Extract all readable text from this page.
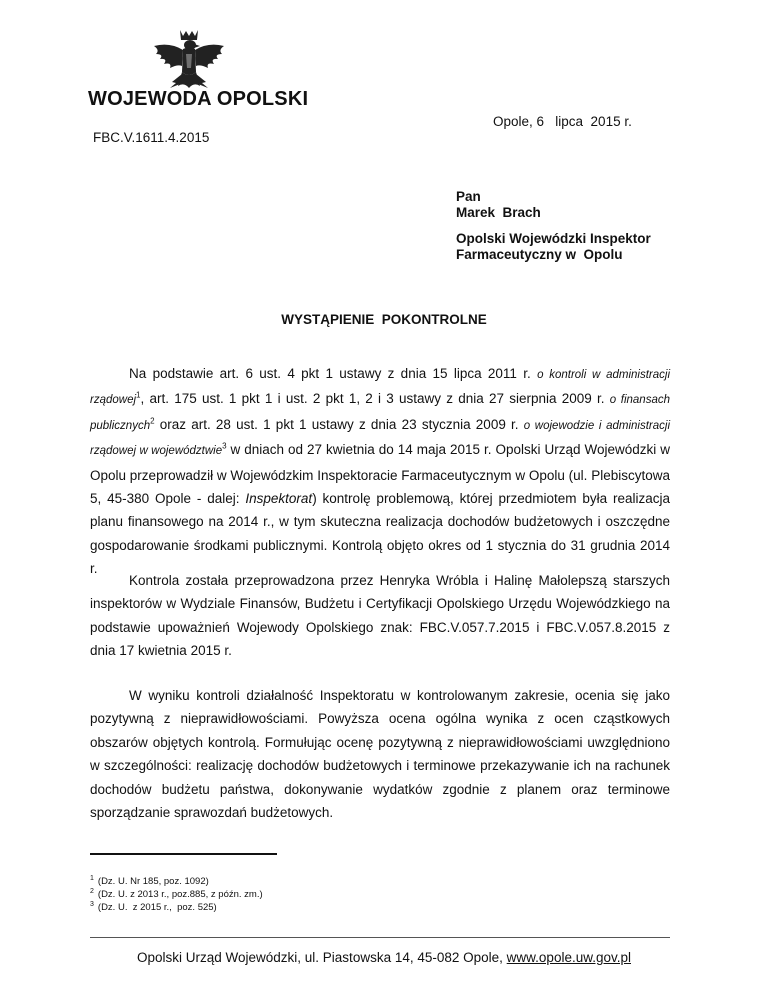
WOJEWODA OPOLSKI
Opole, 6   lipca  2015 r.
FBC.V.1611.4.2015
Pan
Marek  Brach
Opolski Wojewódzki Inspektor
Farmaceutyczny w  Opolu
WYSTĄPIENIE  POKONTROLNE

Na podstawie art. 6 ust. 4 pkt 1 ustawy z dnia 15 lipca 2011 r. o kontroli w administracji rządowej$^1$, art. 175 ust. 1 pkt 1 i ust. 2 pkt 1, 2 i 3 ustawy z dnia 27 sierpnia 2009 r. o finansach publicznych$^2$ oraz art. 28 ust. 1 pkt 1 ustawy z dnia 23 stycznia 2009 r. o wojewodzie i administracji rządowej w województwie$^3$ w dniach od 27 kwietnia do 14 maja 2015 r. Opolski Urząd Wojewódzki w Opolu przeprowadził w Wojewódzkim Inspektoracie Farmaceutycznym w Opolu (ul. Plebiscytowa 5, 45-380 Opole - dalej: Inspektorat) kontrolę problemową, której przedmiotem była realizacja planu finansowego na 2014 r., w tym skuteczna realizacja dochodów budżetowych i oszczędne gospodarowanie środkami publicznymi. Kontrolą objęto okres od 1 stycznia do 31 grudnia 2014 r.

Kontrola została przeprowadzona przez Henryka Wróbla i Halinę Małolepszą starszych inspektorów w Wydziale Finansów, Budżetu i Certyfikacji Opolskiego Urzędu Wojewódzkiego na podstawie upoważnień Wojewody Opolskiego znak: FBC.V.057.7.2015 i FBC.V.057.8.2015 z dnia 17 kwietnia 2015 r.

W wyniku kontroli działalność Inspektoratu w kontrolowanym zakresie, ocenia się jako pozytywną z nieprawidłowościami. Powyższa ocena ogólna wynika z ocen cząstkowych obszarów objętych kontrolą. Formułując ocenę pozytywną z nieprawidłowościami uwzględniono w szczególności: realizację dochodów budżetowych i terminowe przekazywanie ich na rachunek dochodów budżetu państwa, dokonywanie wydatków zgodnie z planem oraz terminowe sporządzanie sprawozdań budżetowych.

$^1$ (Dz. U. Nr 185, poz. 1092)
$^2$ (Dz. U. z 2013 r., poz.885, z późn. zm.)
$^3$ (Dz. U.  z 2015 r.,  poz. 525)
Opolski Urząd Wojewódzki, ul. Piastowska 14, 45-082 Opole, www.opole.uw.gov.pl
